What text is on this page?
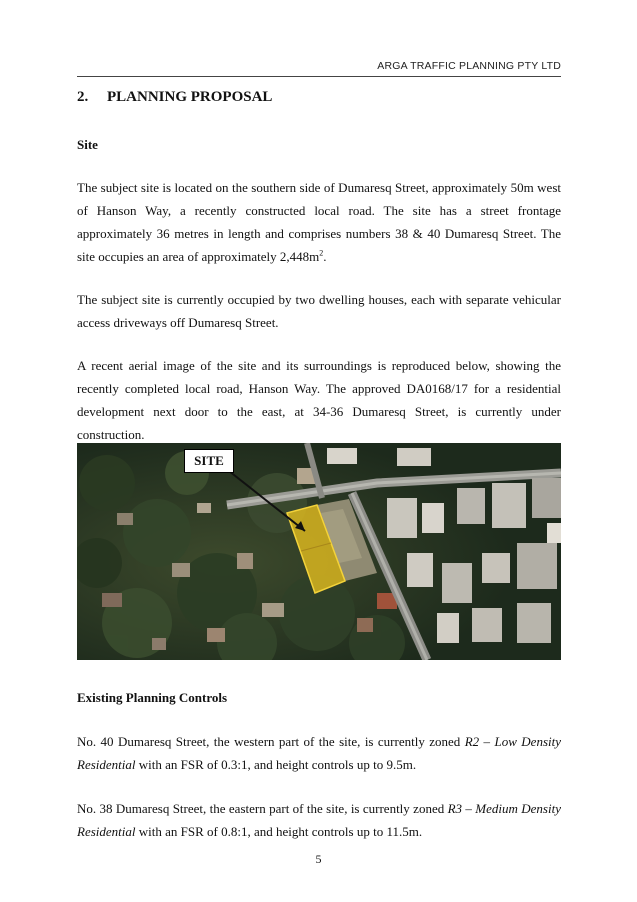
ARGA TRAFFIC PLANNING PTY LTD
2. PLANNING PROPOSAL
Site
The subject site is located on the southern side of Dumaresq Street, approximately 50m west of Hanson Way, a recently constructed local road. The site has a street frontage approximately 36 metres in length and comprises numbers 38 & 40 Dumaresq Street. The site occupies an area of approximately $2,448m^2$.
The subject site is currently occupied by two dwelling houses, each with separate vehicular access driveways off Dumaresq Street.
A recent aerial image of the site and its surroundings is reproduced below, showing the recently completed local road, Hanson Way. The approved DA0168/17 for a residential development next door to the east, at 34-36 Dumaresq Street, is currently under construction.
SITE
Existing Planning Controls
No. 40 Dumaresq Street, the western part of the site, is currently zoned R2 – Low Density Residential with an FSR of 0.3:1, and height controls up to 9.5m.
No. 38 Dumaresq Street, the eastern part of the site, is currently zoned R3 – Medium Density Residential with an FSR of 0.8:1, and height controls up to 11.5m.
5
